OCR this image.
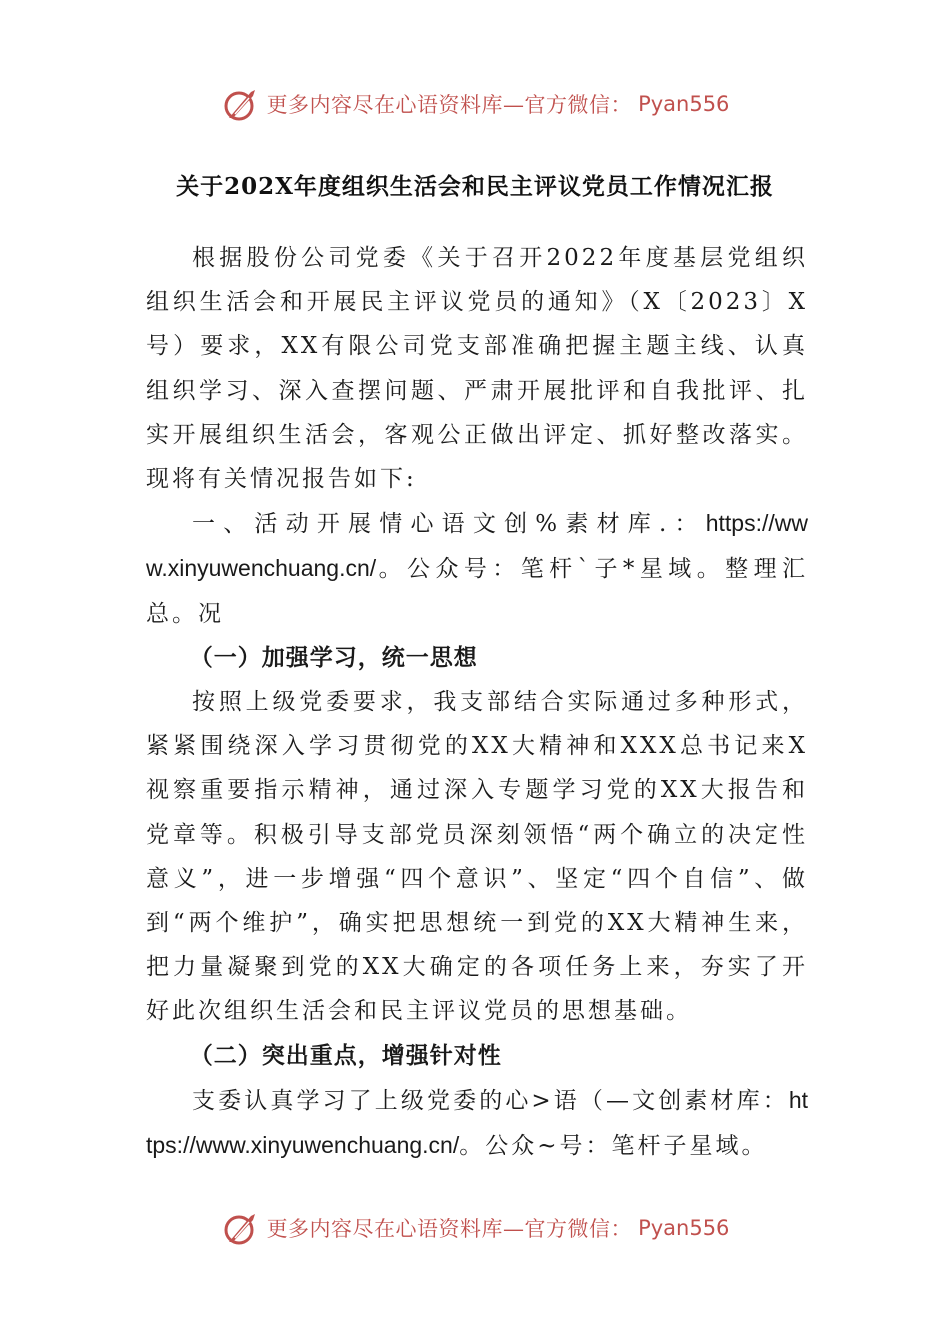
更多内容尽在心语资料库—官方微信： Pyan556
关于202X年度组织生活会和民主评议党员工作情况汇报

根据股份公司党委《关于召开2022年度基层党组织组织生活会和开展民主评议党员的通知》（X〔2023〕X号）要求，XX有限公司党支部准确把握主题主线、认真组织学习、深入查摆问题、严肃开展批评和自我批评、扎实开展组织生活会，客观公正做出评定、抓好整改落实。现将有关情况报告如下:

一、活动开展情心语文创%素材库.：https://www.xinyuwenchuang.cn/。公众号：笔杆`子*星域。整理汇总。况

（一）加强学习，统一思想

按照上级党委要求，我支部结合实际通过多种形式，紧紧围绕深入学习贯彻党的XX大精神和XXX总书记来X视察重要指示精神，通过深入专题学习党的XX大报告和党章等。积极引导支部党员深刻领悟“两个确立的决定性意义”，进一步增强“四个意识”、坚定“四个自信”、做到“两个维护”，确实把思想统一到党的XX大精神生来，把力量凝聚到党的XX大确定的各项任务上来，夯实了开好此次组织生活会和民主评议党员的思想基础。

（二）突出重点，增强针对性

支委认真学习了上级党委的心>语（—文创素材库：https://www.xinyuwenchuang.cn/。公众~号：笔杆子星域。

更多内容尽在心语资料库—官方微信： Pyan556
